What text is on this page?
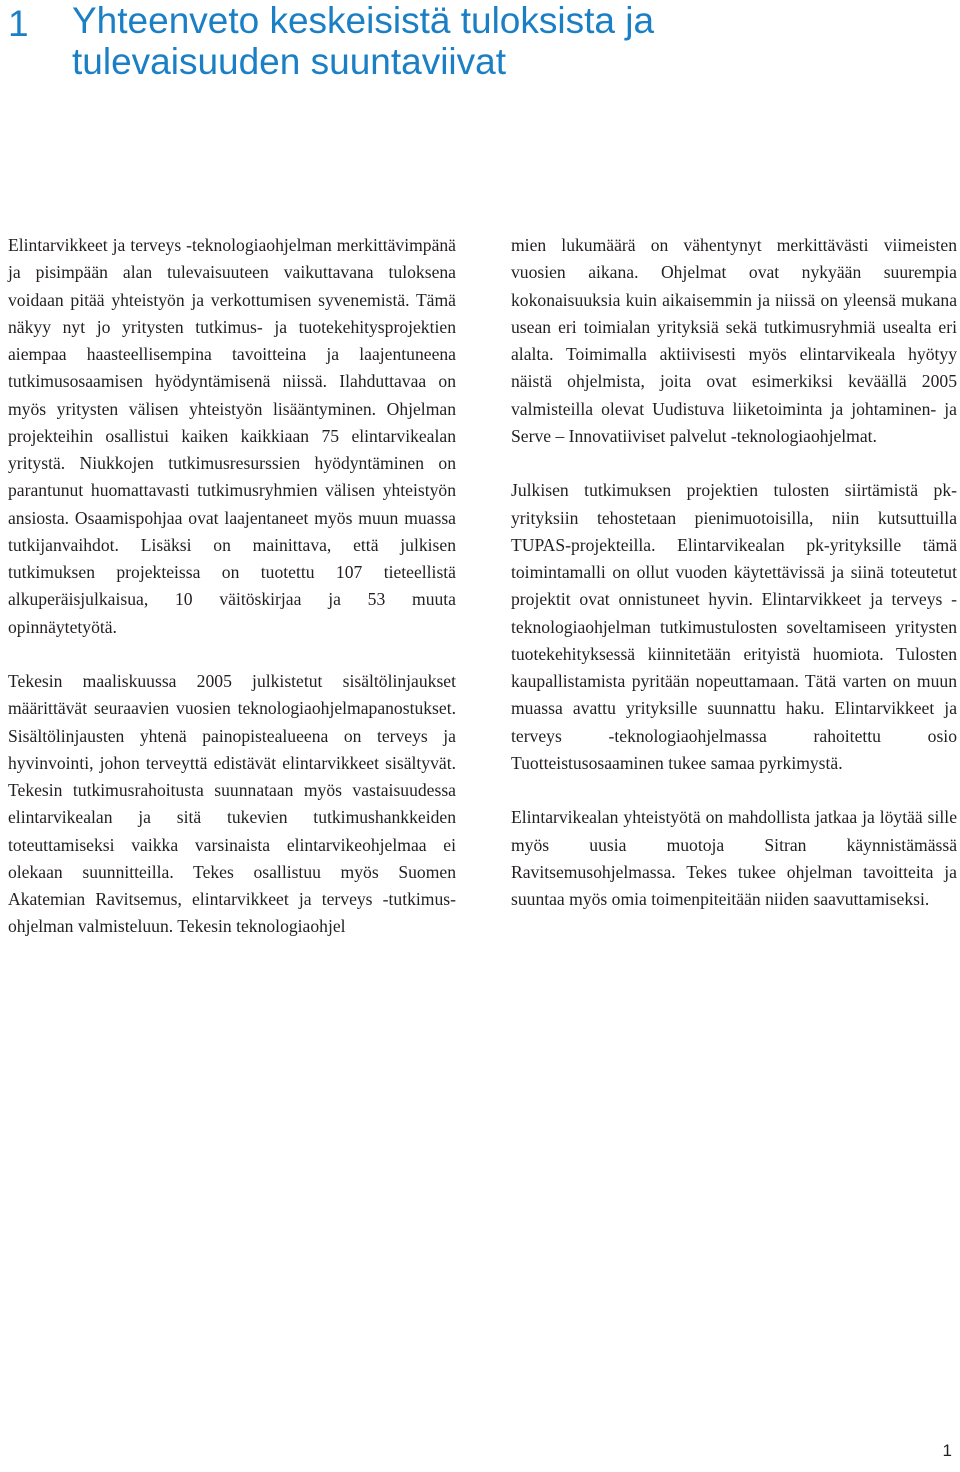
1	Yhteenveto keskeisistä tuloksista ja
tulevaisuuden suuntaviivat

Elintarvikkeet ja terveys -teknologiaohjelman merkittävimpänä ja pisimpään alan tulevaisuuteen vaikuttavana tuloksena voidaan pitää yhteistyön ja verkottumisen syvenemistä. Tämä näkyy nyt jo yritysten tutkimus- ja tuotekehitysprojektien aiempaa haasteellisempina tavoitteina ja laajentuneena tutkimusosaamisen hyödyntämisenä niissä. Ilahduttavaa on myös yritysten välisen yhteistyön lisääntyminen. Ohjelman projekteihin osallistui kaiken kaikkiaan 75 elintarvikealan yritystä. Niukkojen tutkimusresurssien hyödyntäminen on parantunut huomattavasti tutkimusryhmien välisen yhteistyön ansiosta. Osaamispohjaa ovat laajentaneet myös muun muassa tutkijanvaihdot. Lisäksi on mainittava, että julkisen tutkimuksen projekteissa on tuotettu 107 tieteellistä alkuperäisjulkaisua, 10 väitöskirjaa ja 53 muuta opinnäytetyötä.

Tekesin maaliskuussa 2005 julkistetut sisältölinjaukset määrittävät seuraavien vuosien teknologiaohjelmapanostukset. Sisältölinjausten yhtenä painopistealueena on terveys ja hyvinvointi, johon terveyttä edistävät elintarvikkeet sisältyvät. Tekesin tutkimusrahoitusta suunnataan myös vastaisuudessa elintarvikealan ja sitä tukevien tutkimushankkeiden toteuttamiseksi vaikka varsinaista elintarvikeohjelmaa ei olekaan suunnitteilla. Tekes osallistuu myös Suomen Akatemian Ravitsemus, elintarvikkeet ja terveys -tutkimusohjelman valmisteluun. Tekesin teknologiaohjel

mien lukumäärä on vähentynyt merkittävästi viimeisten vuosien aikana. Ohjelmat ovat nykyään suurempia kokonaisuuksia kuin aikaisemmin ja niissä on yleensä mukana usean eri toimialan yrityksiä sekä tutkimusryhmiä usealta eri alalta. Toimimalla aktiivisesti myös elintarvikeala hyötyy näistä ohjelmista, joita ovat esimerkiksi keväällä 2005 valmisteilla olevat Uudistuva liiketoiminta ja johtaminen- ja Serve – Innovatiiviset palvelut -teknologiaohjelmat.

Julkisen tutkimuksen projektien tulosten siirtämistä pk-yrityksiin tehostetaan pienimuotoisilla, niin kutsuttuilla TUPAS-projekteilla. Elintarvikealan pk-yrityksille tämä toimintamalli on ollut vuoden käytettävissä ja siinä toteutetut projektit ovat onnistuneet hyvin. Elintarvikkeet ja terveys -teknologiaohjelman tutkimustulosten soveltamiseen yritysten tuotekehityksessä kiinnitetään erityistä huomiota. Tulosten kaupallistamista pyritään nopeuttamaan. Tätä varten on muun muassa avattu yrityksille suunnattu haku. Elintarvikkeet ja terveys -teknologiaohjelmassa rahoitettu osio Tuotteistusosaaminen tukee samaa pyrkimystä.

Elintarvikealan yhteistyötä on mahdollista jatkaa ja löytää sille myös uusia muotoja Sitran käynnistämässä Ravitsemusohjelmassa. Tekes tukee ohjelman tavoitteita ja suuntaa myös omia toimenpiteitään niiden saavuttamiseksi.

1
